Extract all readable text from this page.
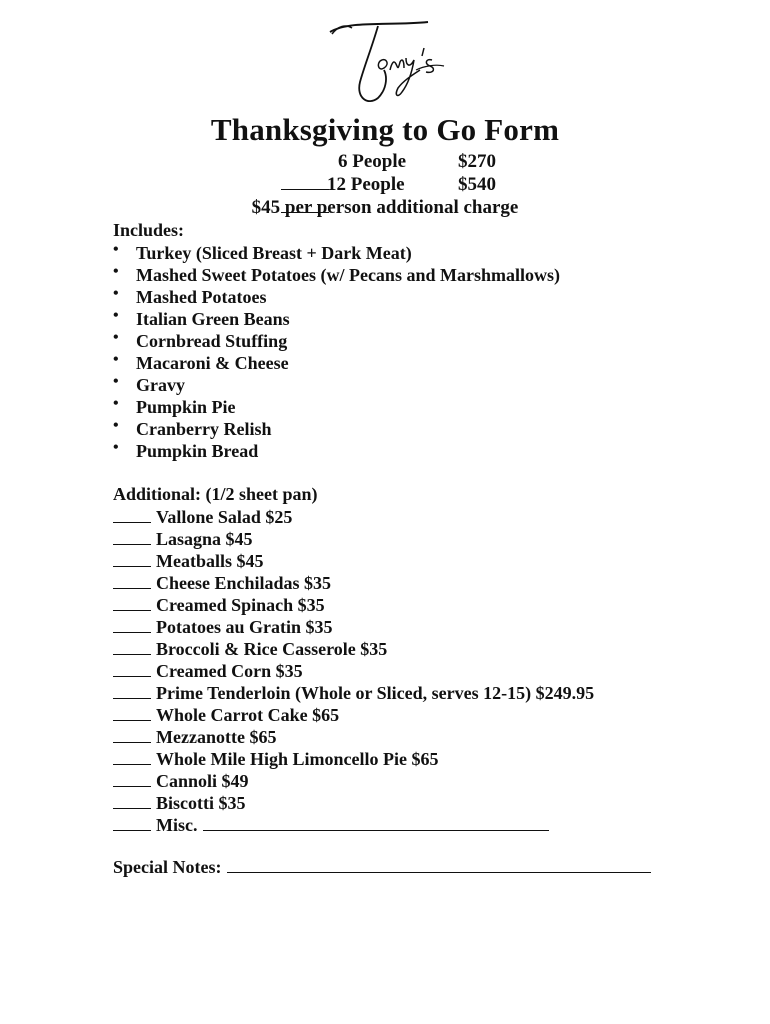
Thanksgiving to Go Form

6 People	$270

12 People	$540
$45 per person additional charge
Includes:
• Turkey (Sliced Breast + Dark Meat)
• Mashed Sweet Potatoes (w/ Pecans and Marshmallows)
• Mashed Potatoes
• Italian Green Beans
• Cornbread Stuffing
• Macaroni & Cheese
• Gravy
• Pumpkin Pie
• Cranberry Relish
• Pumpkin Bread
Additional: (1/2 sheet pan)
Vallone Salad $25
Lasagna $45
Meatballs $45
Cheese Enchiladas $35
Creamed Spinach $35
Potatoes au Gratin $35
Broccoli & Rice Casserole $35
Creamed Corn $35
Prime Tenderloin (Whole or Sliced, serves 12-15) $249.95
Whole Carrot Cake $65
Mezzanotte $65
Whole Mile High Limoncello Pie $65
Cannoli $49
Biscotti $35
Misc.
Special Notes:
